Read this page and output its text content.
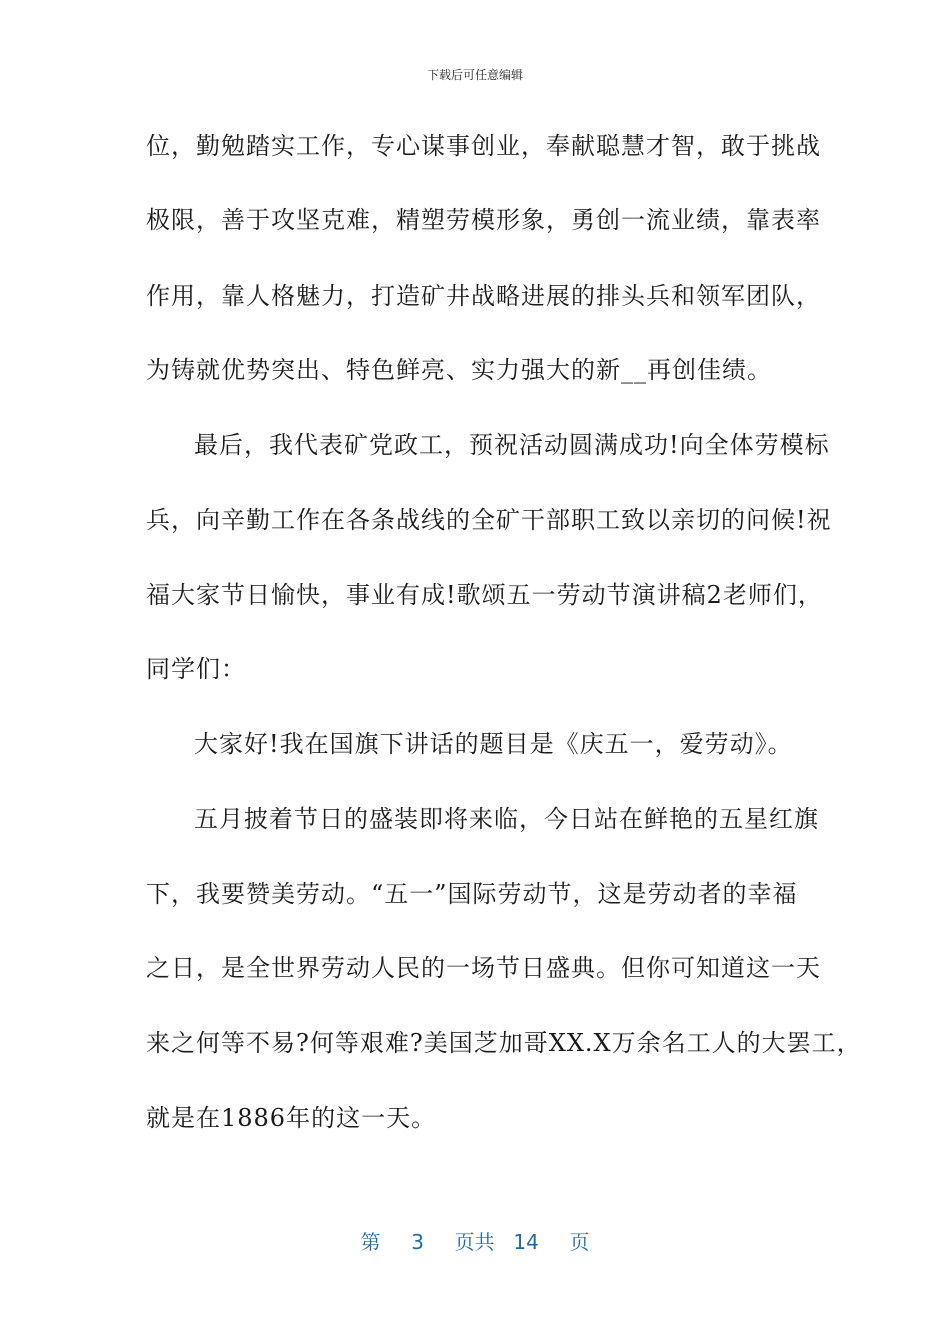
下载后可任意编辑
位，勤勉踏实工作，专心谋事创业，奉献聪慧才智，敢于挑战
极限，善于攻坚克难，精塑劳模形象，勇创一流业绩，靠表率
作用，靠人格魅力，打造矿井战略进展的排头兵和领军团队，
为铸就优势突出、特色鲜亮、实力强大的新__再创佳绩。
最后，我代表矿党政工，预祝活动圆满成功!向全体劳模标
兵，向辛勤工作在各条战线的全矿干部职工致以亲切的问候!祝
福大家节日愉快，事业有成!歌颂五一劳动节演讲稿2老师们，
同学们：
大家好!我在国旗下讲话的题目是《庆五一，爱劳动》。
五月披着节日的盛装即将来临，今日站在鲜艳的五星红旗
下，我要赞美劳动。“五一”国际劳动节，这是劳动者的幸福
之日，是全世界劳动人民的一场节日盛典。但你可知道这一天
来之何等不易?何等艰难?美国芝加哥XX.X万余名工人的大罢工，
就是在1886年的这一天。
第 3 页共 14 页
